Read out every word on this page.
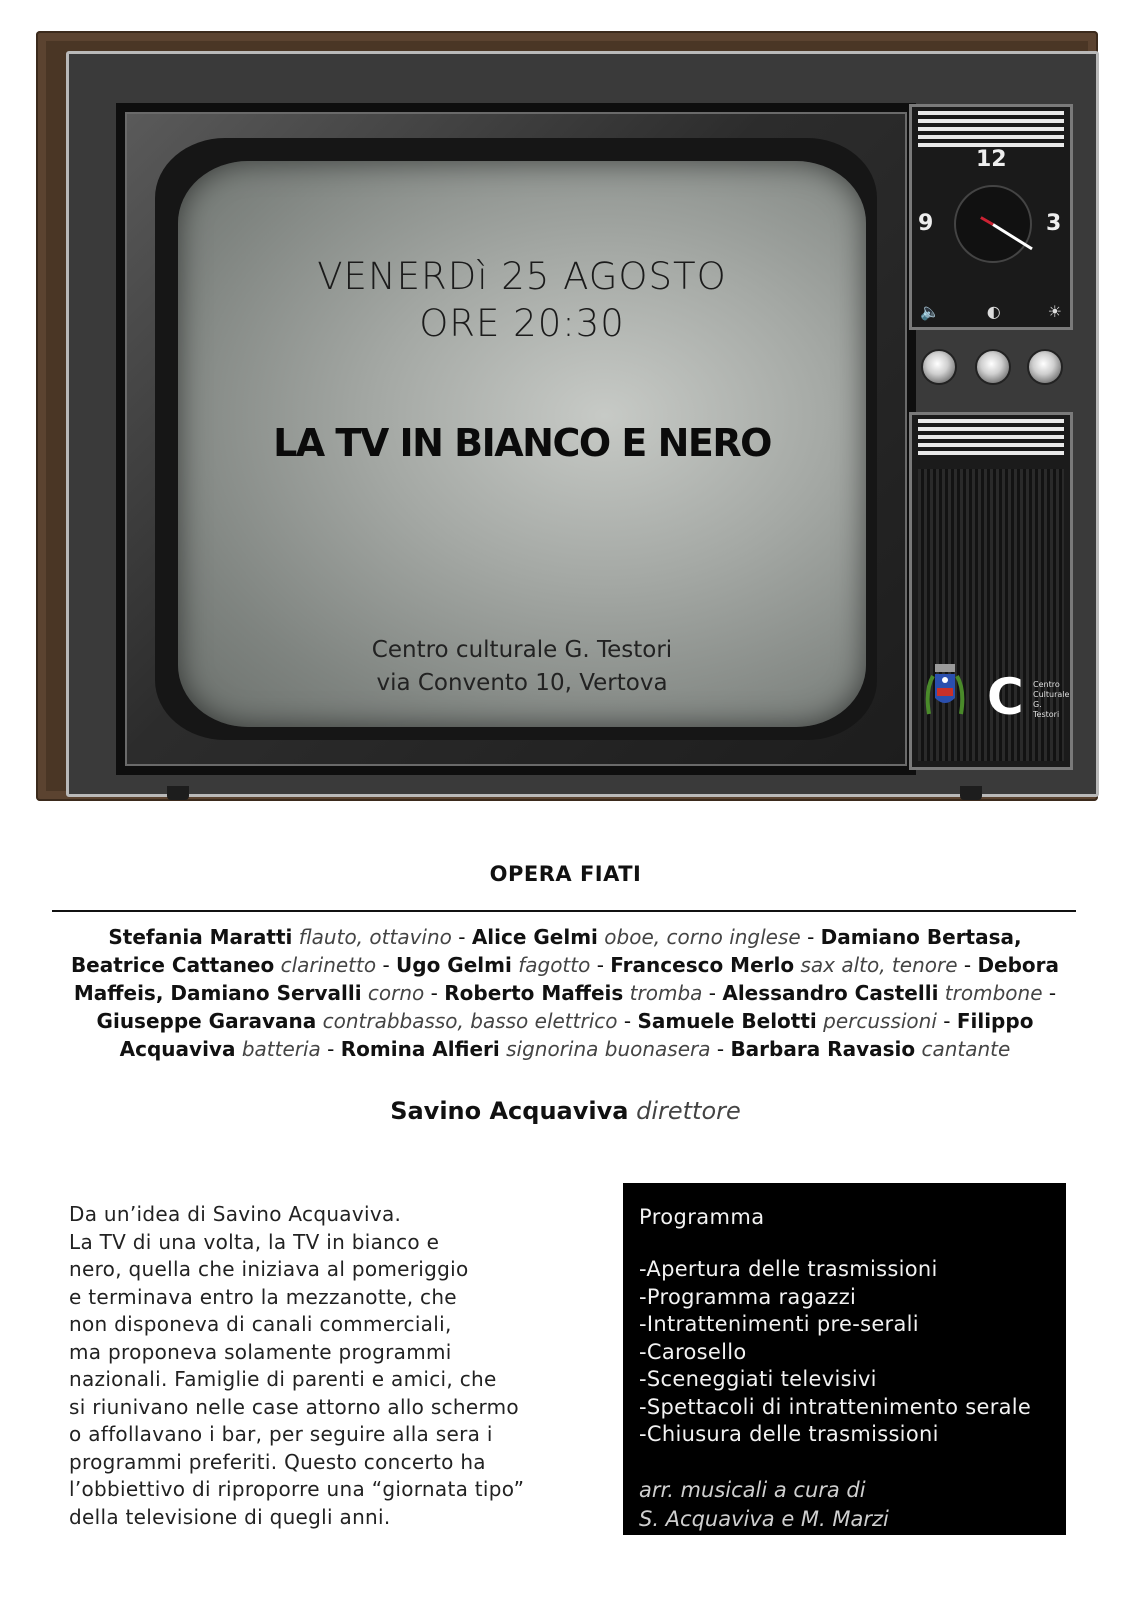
VENERDì 25 AGOSTO
ORE 20:30
LA TV IN BIANCO E NERO
Centro culturale G. Testori
via Convento 10, Vertova
12
9	3
🔈	◐	☀
C	Centro
Culturale
G. Testori
OPERA FIATI
Stefania Maratti flauto, ottavino - Alice Gelmi oboe, corno inglese - Damiano Bertasa, Beatrice Cattaneo clarinetto - Ugo Gelmi fagotto - Francesco Merlo sax alto, tenore - Debora Maffeis, Damiano Servalli corno - Roberto Maffeis tromba - Alessandro Castelli trombone - Giuseppe Garavana contrabbasso, basso elettrico - Samuele Belotti percussioni - Filippo Acquaviva batteria - Romina Alfieri signorina buonasera - Barbara Ravasio cantante
Savino Acquaviva direttore
Da un’idea di Savino Acquaviva.
La TV di una volta, la TV in bianco e
nero, quella che iniziava al pomeriggio
e terminava entro la mezzanotte, che
non disponeva di canali commerciali,
ma proponeva solamente programmi
nazionali. Famiglie di parenti e amici, che
si riunivano nelle case attorno allo schermo
o affollavano i bar, per seguire alla sera i
programmi preferiti. Questo concerto ha
l’obbiettivo di riproporre una “giornata tipo”
della televisione di quegli anni.
Programma
-Apertura delle trasmissioni
-Programma ragazzi
-Intrattenimenti pre-serali
-Carosello
-Sceneggiati televisivi
-Spettacoli di intrattenimento serale
-Chiusura delle trasmissioni
arr. musicali a cura di
S. Acquaviva e M. Marzi
